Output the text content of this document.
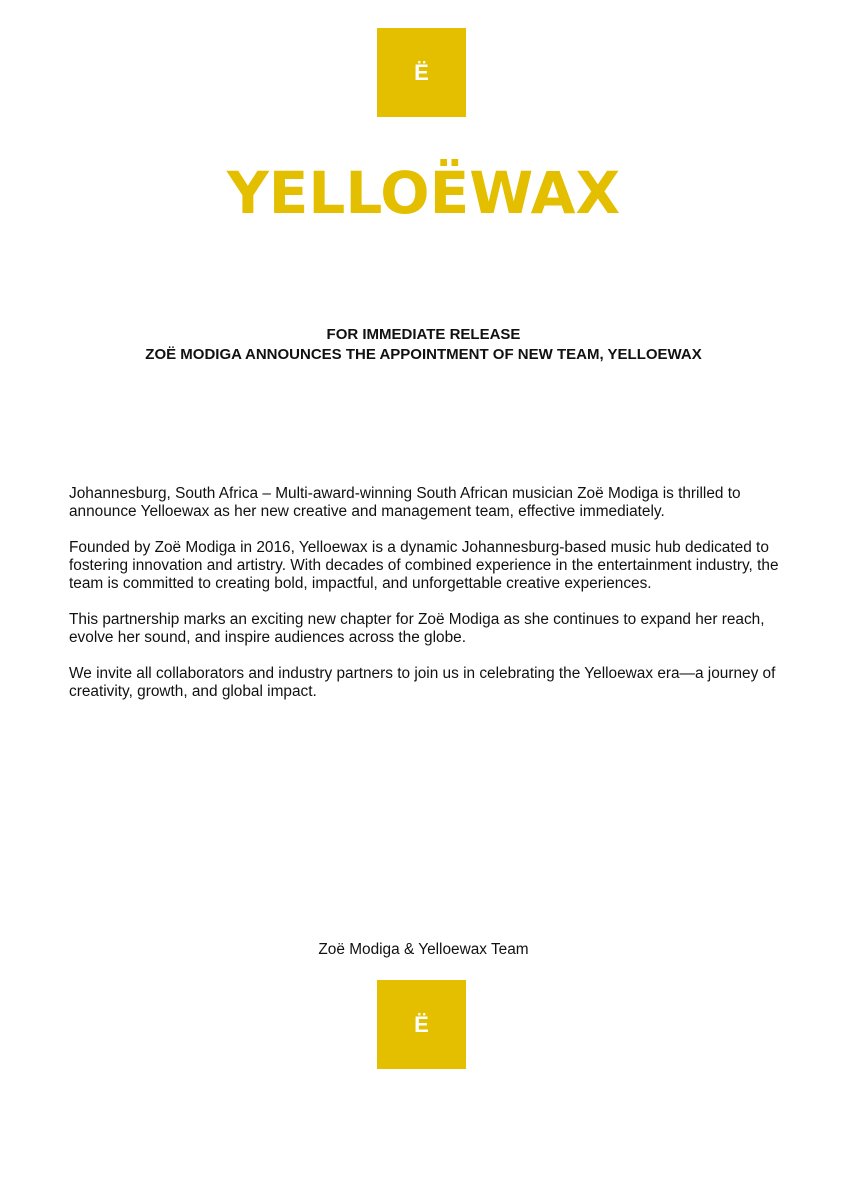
Ë
YELLOËWAX
FOR IMMEDIATE RELEASE
ZOË MODIGA ANNOUNCES THE APPOINTMENT OF NEW TEAM, YELLOEWAX

Johannesburg, South Africa – Multi-award-winning South African musician Zoë Modiga is thrilled to announce Yelloewax as her new creative and management team, effective immediately.

Founded by Zoë Modiga in 2016, Yelloewax is a dynamic Johannesburg-based music hub dedicated to fostering innovation and artistry. With decades of combined experience in the entertainment industry, the team is committed to creating bold, impactful, and unforgettable creative experiences.

This partnership marks an exciting new chapter for Zoë Modiga as she continues to expand her reach, evolve her sound, and inspire audiences across the globe.

We invite all collaborators and industry partners to join us in celebrating the Yelloewax era—a journey of creativity, growth, and global impact.

Zoë Modiga & Yelloewax Team
Ë
